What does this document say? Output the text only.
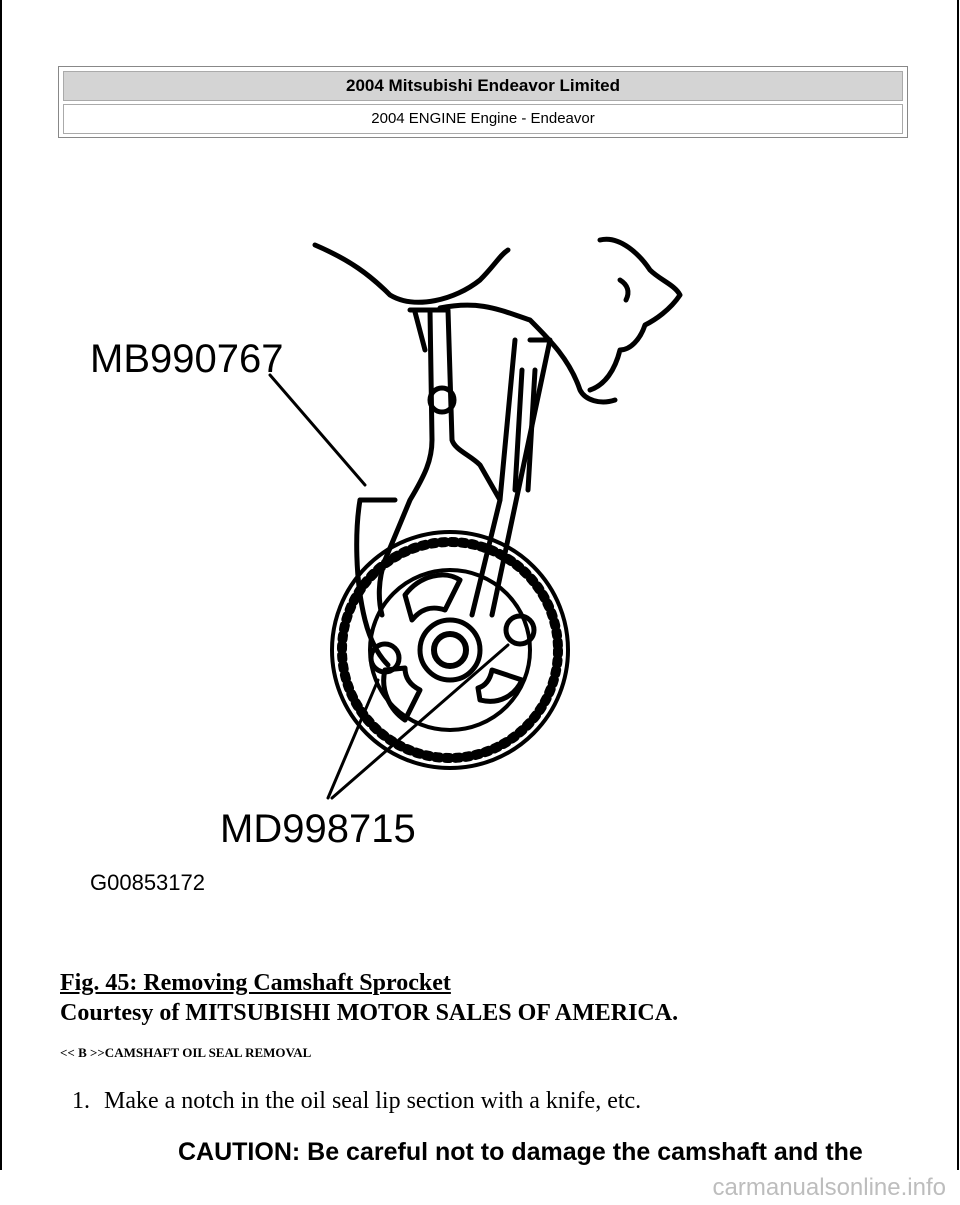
2004 Mitsubishi Endeavor Limited
2004 ENGINE Engine - Endeavor
MB990767
MD998715
G00853172
Fig. 45: Removing Camshaft Sprocket
Courtesy of MITSUBISHI MOTOR SALES OF AMERICA.
<< B >>CAMSHAFT OIL SEAL REMOVAL
1. Make a notch in the oil seal lip section with a knife, etc.
CAUTION: Be careful not to damage the camshaft and the
carmanualsonline.info
